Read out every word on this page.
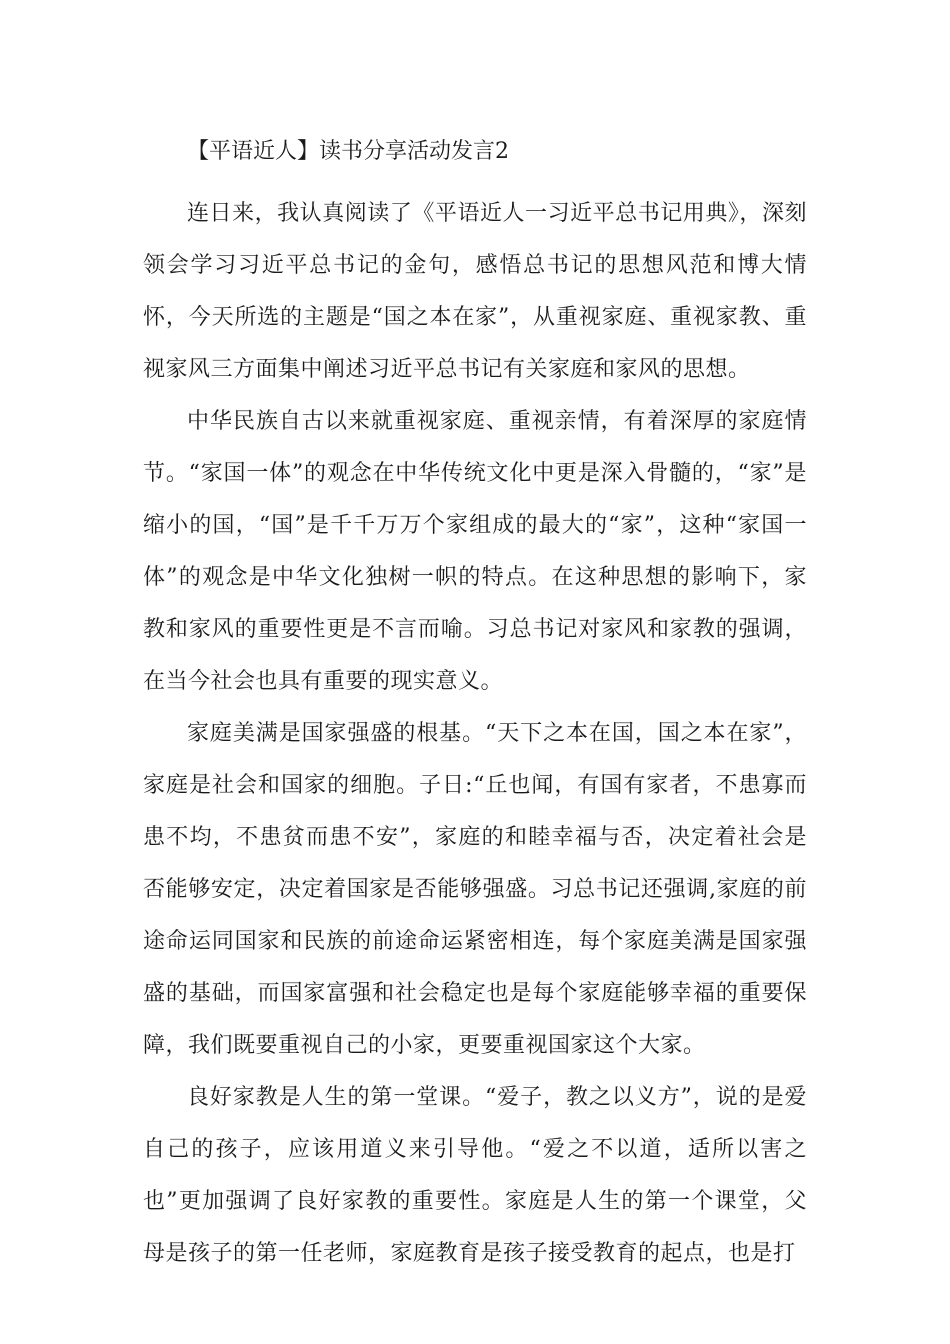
【平语近人】读书分享活动发言2

连日来，我认真阅读了《平语近人一习近平总书记用典》，深刻领会学习习近平总书记的金句，感悟总书记的思想风范和博大情怀，今天所选的主题是“国之本在家”，从重视家庭、重视家教、重视家风三方面集中阐述习近平总书记有关家庭和家风的思想。

中华民族自古以来就重视家庭、重视亲情，有着深厚的家庭情节。“家国一体”的观念在中华传统文化中更是深入骨髓的，“家”是缩小的国，“国”是千千万万个家组成的最大的“家”，这种“家国一体”的观念是中华文化独树一帜的特点。在这种思想的影响下，家教和家风的重要性更是不言而喻。习总书记对家风和家教的强调，在当今社会也具有重要的现实意义。

家庭美满是国家强盛的根基。“天下之本在国，国之本在家”，家庭是社会和国家的细胞。子日:“丘也闻，有国有家者，不患寡而患不均，不患贫而患不安”，家庭的和睦幸福与否，决定着社会是否能够安定，决定着国家是否能够强盛。习总书记还强调,家庭的前途命运同国家和民族的前途命运紧密相连，每个家庭美满是国家强盛的基础，而国家富强和社会稳定也是每个家庭能够幸福的重要保障，我们既要重视自己的小家，更要重视国家这个大家。

良好家教是人生的第一堂课。“爱子，教之以义方”，说的是爱自己的孩子，应该用道义来引导他。“爱之不以道，适所以害之也”更加强调了良好家教的重要性。家庭是人生的第一个课堂，父母是孩子的第一任老师，家庭教育是孩子接受教育的起点，也是打
